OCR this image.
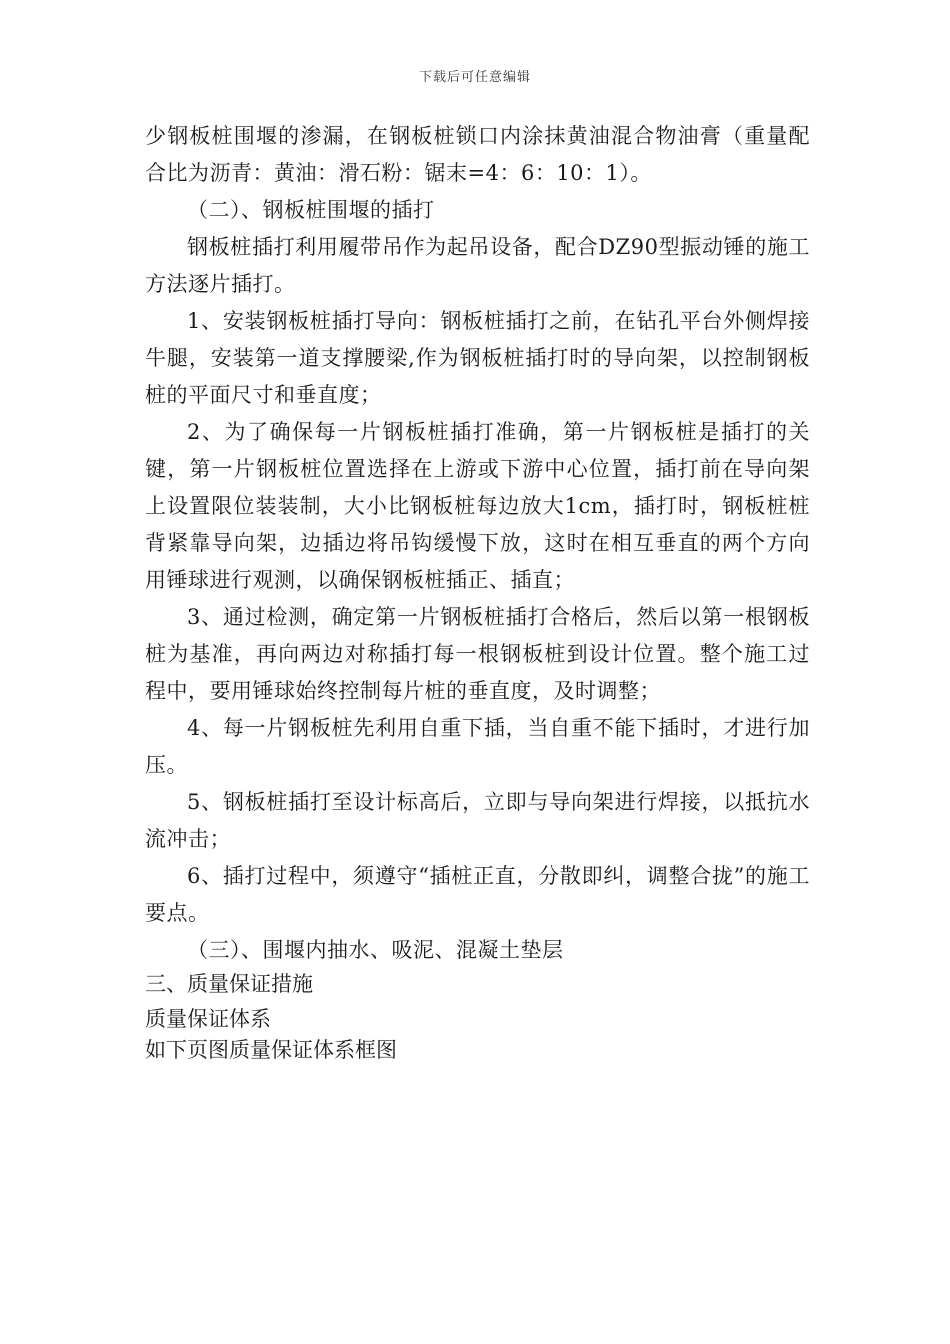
下载后可任意编辑

少钢板桩围堰的渗漏，在钢板桩锁口内涂抹黄油混合物油膏（重量配合比为沥青：黄油：滑石粉：锯末=4：6：10：1）。

（二）、钢板桩围堰的插打

钢板桩插打利用履带吊作为起吊设备，配合DZ90型振动锤的施工方法逐片插打。

1、安装钢板桩插打导向：钢板桩插打之前，在钻孔平台外侧焊接牛腿，安装第一道支撑腰梁,作为钢板桩插打时的导向架，以控制钢板桩的平面尺寸和垂直度；

2、为了确保每一片钢板桩插打准确，第一片钢板桩是插打的关键，第一片钢板桩位置选择在上游或下游中心位置，插打前在导向架上设置限位装装制，大小比钢板桩每边放大1cm，插打时，钢板桩桩背紧靠导向架，边插边将吊钩缓慢下放，这时在相互垂直的两个方向用锤球进行观测，以确保钢板桩插正、插直；

3、通过检测，确定第一片钢板桩插打合格后，然后以第一根钢板桩为基准，再向两边对称插打每一根钢板桩到设计位置。整个施工过程中，要用锤球始终控制每片桩的垂直度，及时调整；

4、每一片钢板桩先利用自重下插，当自重不能下插时，才进行加压。

5、钢板桩插打至设计标高后，立即与导向架进行焊接，以抵抗水流冲击；

6、插打过程中，须遵守“插桩正直，分散即纠，调整合拢”的施工要点。

（三）、围堰内抽水、吸泥、混凝土垫层

三、质量保证措施

质量保证体系

如下页图质量保证体系框图
